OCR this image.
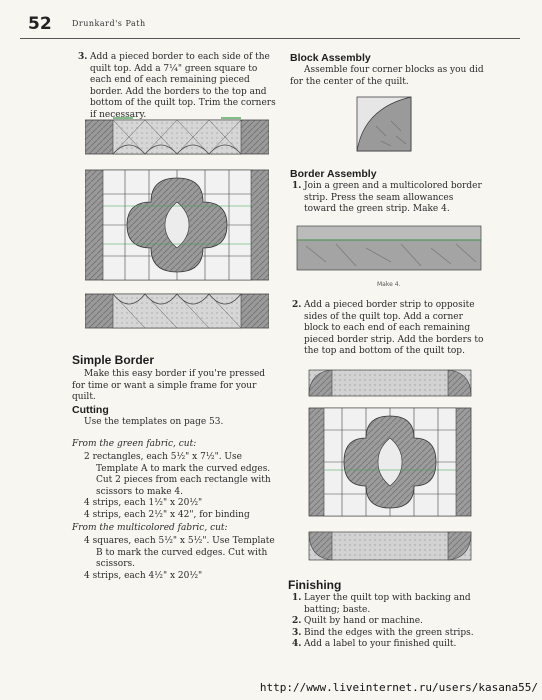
52	Drunkard's Path
3. Add a pieced border to each side of the quilt top. Add a 7¼" green square to each end of each remaining pieced border. Add the borders to the top and bottom of the quilt top. Trim the corners if necessary.
Simple Border
Make this easy border if you're pressed for time or want a simple frame for your quilt.
Cutting
Use the templates on page 53.
From the green fabric, cut:
2 rectangles, each 5½" x 7½". Use Template A to mark the curved edges. Cut 2 pieces from each rectangle with scissors to make 4.
4 strips, each 1½" x 20½"
4 strips, each 2½" x 42", for binding
From the multicolored fabric, cut:
4 squares, each 5½" x 5½". Use Template B to mark the curved edges. Cut with scissors.
4 strips, each 4½" x 20½"
Block Assembly
Assemble four corner blocks as you did for the center of the quilt.
Border Assembly
1. Join a green and a multicolored border strip. Press the seam allowances toward the green strip. Make 4.
Make 4.
2. Add a pieced border strip to opposite sides of the quilt top. Add a corner block to each end of each remaining pieced border strip. Add the borders to the top and bottom of the quilt top.
Finishing
1. Layer the quilt top with backing and batting; baste.
2. Quilt by hand or machine.
3. Bind the edges with the green strips.
4. Add a label to your finished quilt.
http://www.liveinternet.ru/users/kasana55/
